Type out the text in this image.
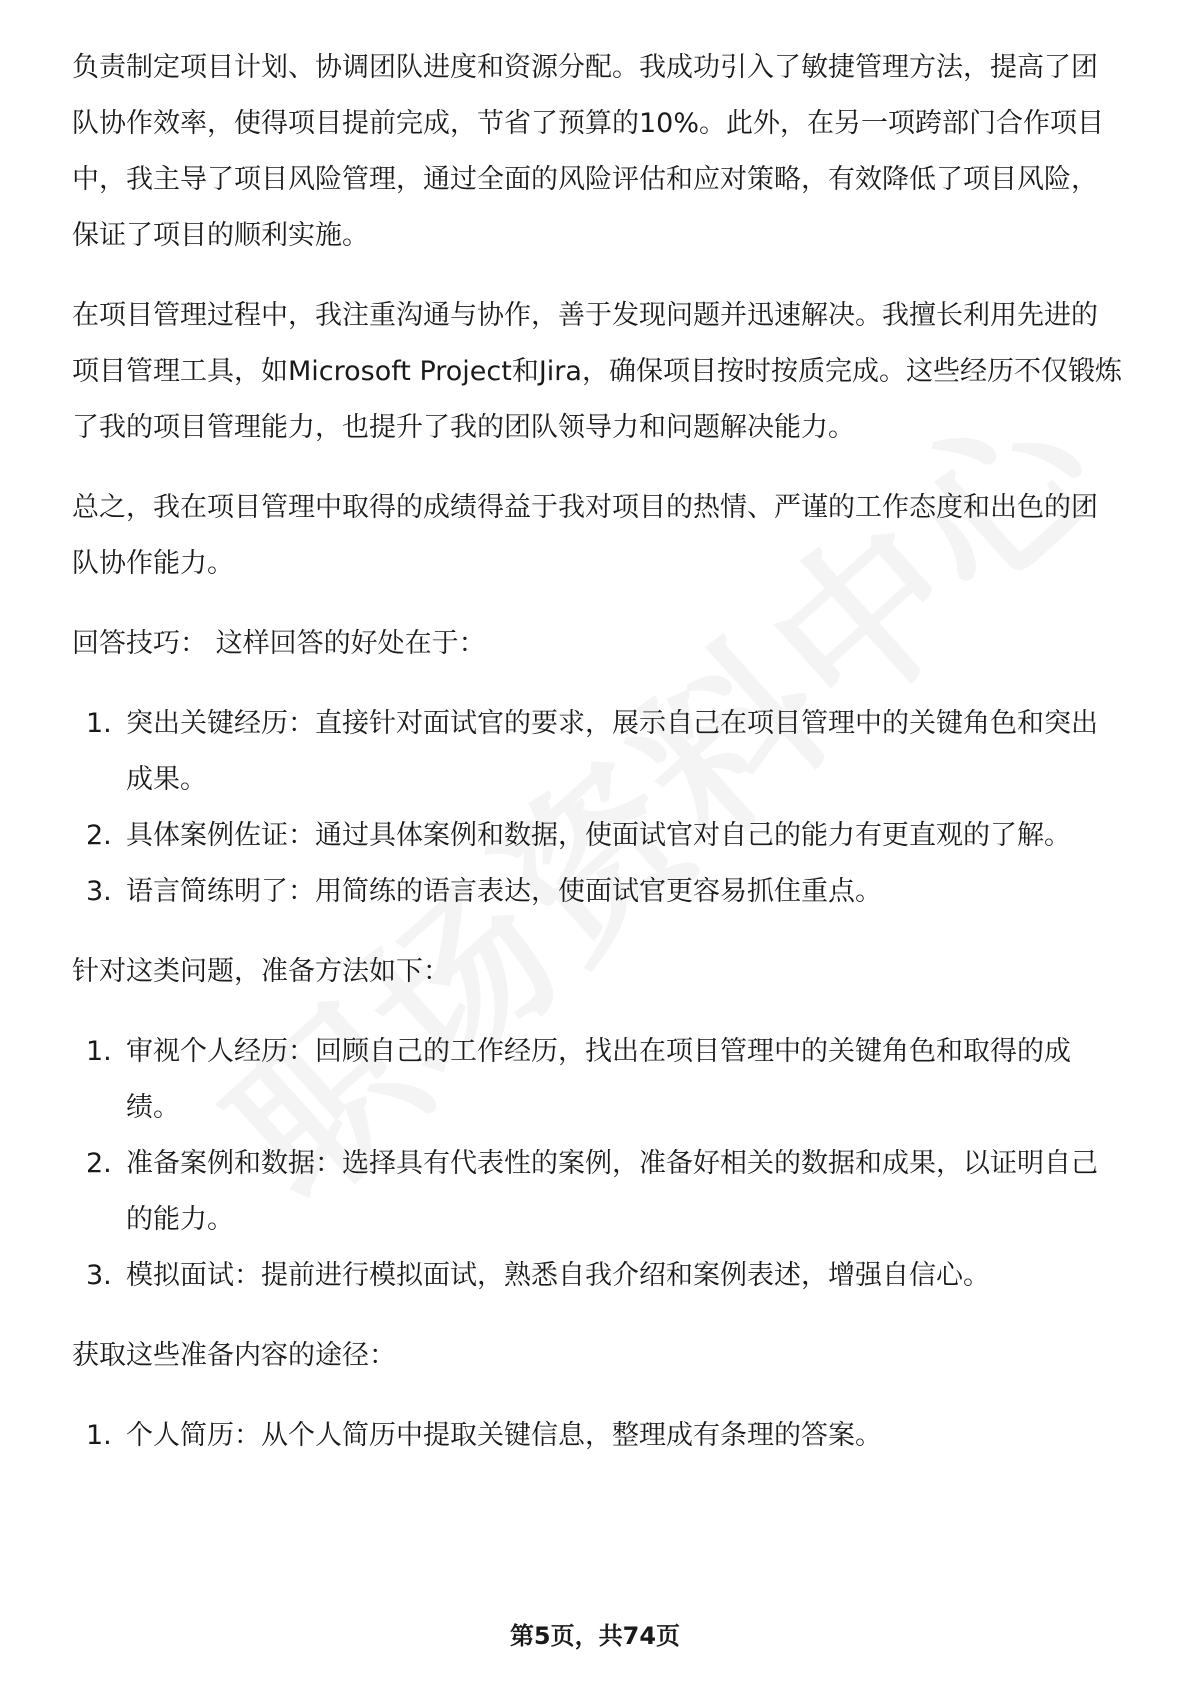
负责制定项目计划、协调团队进度和资源分配。我成功引入了敏捷管理方法，提高了团队协作效率，使得项目提前完成，节省了预算的10%。此外，在另一项跨部门合作项目中，我主导了项目风险管理，通过全面的风险评估和应对策略，有效降低了项目风险，保证了项目的顺利实施。

在项目管理过程中，我注重沟通与协作，善于发现问题并迅速解决。我擅长利用先进的项目管理工具，如Microsoft Project和Jira，确保项目按时按质完成。这些经历不仅锻炼了我的项目管理能力，也提升了我的团队领导力和问题解决能力。

总之，我在项目管理中取得的成绩得益于我对项目的热情、严谨的工作态度和出色的团队协作能力。

回答技巧： 这样回答的好处在于：

1. 突出关键经历：直接针对面试官的要求，展示自己在项目管理中的关键角色和突出成果。
2. 具体案例佐证：通过具体案例和数据，使面试官对自己的能力有更直观的了解。
3. 语言简练明了：用简练的语言表达，使面试官更容易抓住重点。

针对这类问题，准备方法如下：

1. 审视个人经历：回顾自己的工作经历，找出在项目管理中的关键角色和取得的成绩。
2. 准备案例和数据：选择具有代表性的案例，准备好相关的数据和成果，以证明自己的能力。
3. 模拟面试：提前进行模拟面试，熟悉自我介绍和案例表述，增强自信心。

获取这些准备内容的途径：

1. 个人简历：从个人简历中提取关键信息，整理成有条理的答案。
第5页，共74页
